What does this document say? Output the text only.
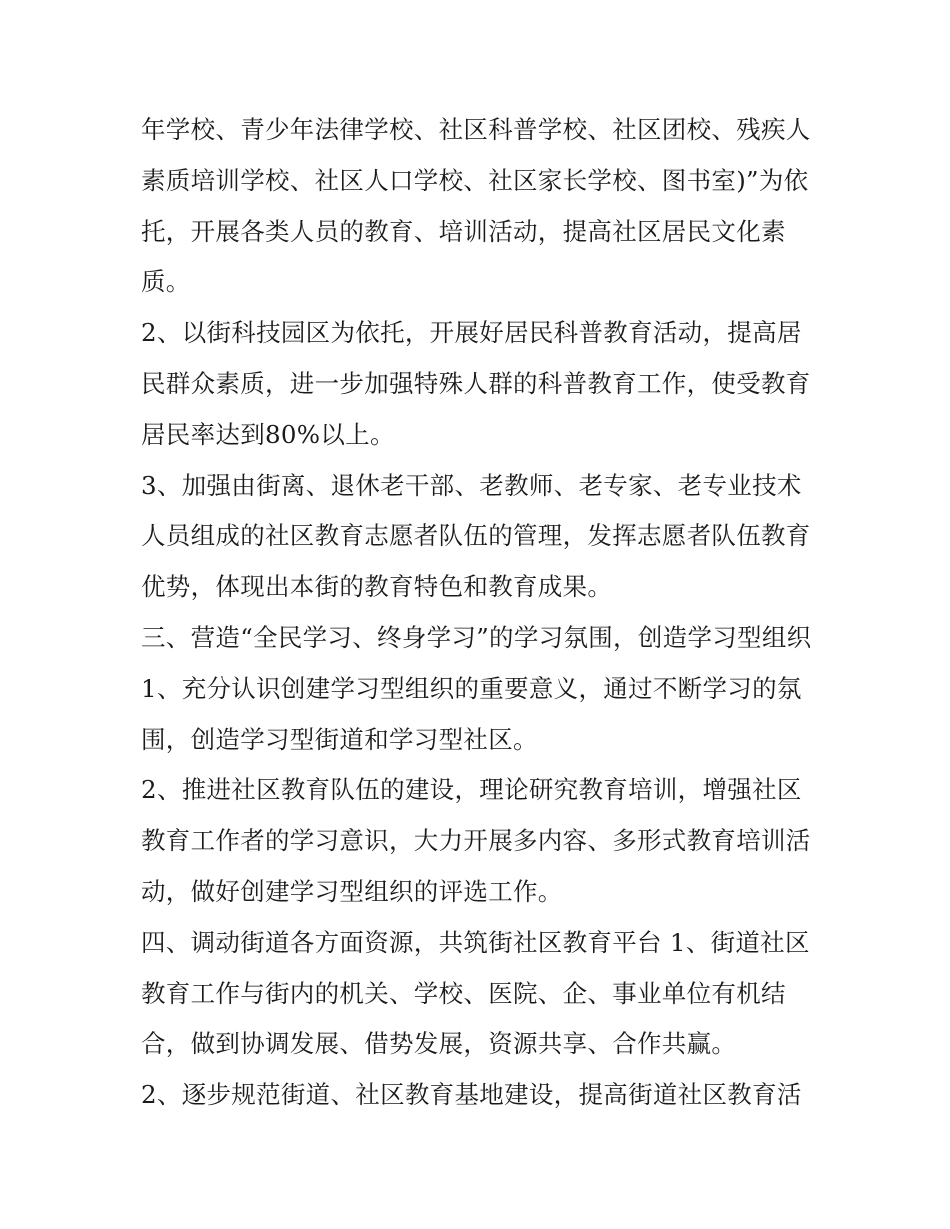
年学校、青少年法律学校、社区科普学校、社区团校、残疾人
素质培训学校、社区人口学校、社区家长学校、图书室)”为依
托，开展各类人员的教育、培训活动，提高社区居民文化素
质。
2、以街科技园区为依托，开展好居民科普教育活动，提高居
民群众素质，进一步加强特殊人群的科普教育工作，使受教育
居民率达到80%以上。
3、加强由街离、退休老干部、老教师、老专家、老专业技术
人员组成的社区教育志愿者队伍的管理，发挥志愿者队伍教育
优势，体现出本街的教育特色和教育成果。
三、营造“全民学习、终身学习”的学习氛围，创造学习型组织
1、充分认识创建学习型组织的重要意义，通过不断学习的氛
围，创造学习型街道和学习型社区。
2、推进社区教育队伍的建设，理论研究教育培训，增强社区
教育工作者的学习意识，大力开展多内容、多形式教育培训活
动，做好创建学习型组织的评选工作。
四、调动街道各方面资源，共筑街社区教育平台 1、街道社区
教育工作与街内的机关、学校、医院、企、事业单位有机结
合，做到协调发展、借势发展，资源共享、合作共赢。
2、逐步规范街道、社区教育基地建设，提高街道社区教育活
